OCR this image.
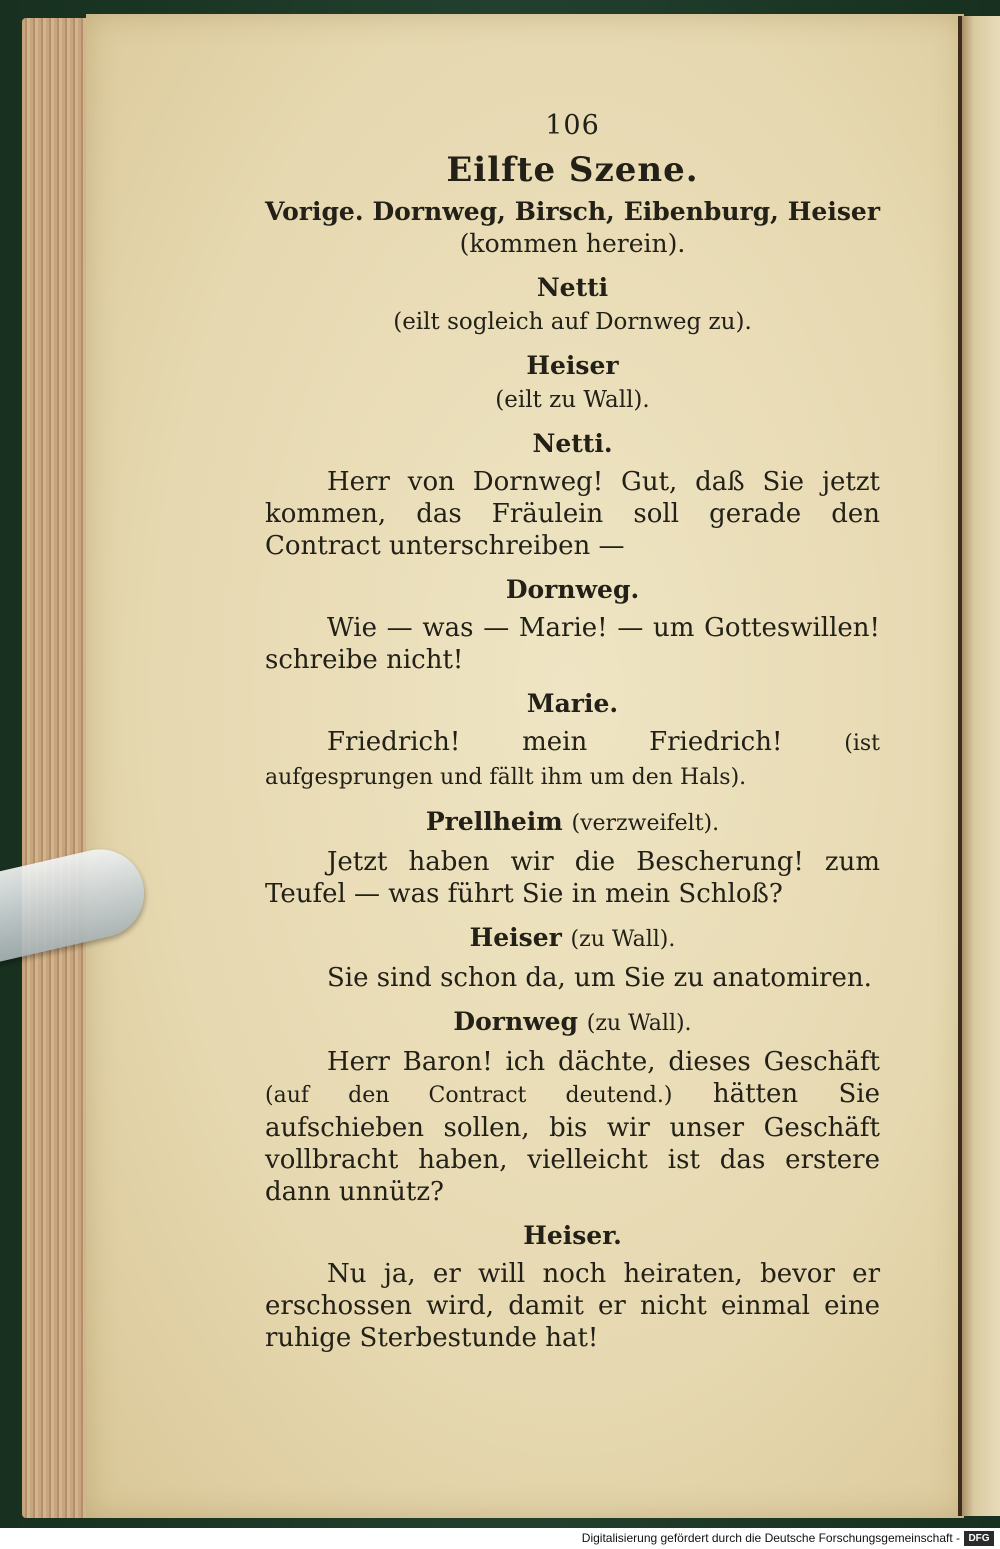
106
Eilfte Szene.
Vorige. Dornweg, Birsch, Eibenburg, Heiser (kommen herein).
Netti
(eilt sogleich auf Dornweg zu).
Heiser
(eilt zu Wall).
Netti.
Herr von Dornweg! Gut, daß Sie jetzt kommen, das Fräulein soll gerade den Contract unterschreiben —
Dornweg.
Wie — was — Marie! — um Gotteswillen! schreibe nicht!
Marie.
Friedrich! mein Friedrich!	(ist aufgesprungen und fällt ihm um den Hals).
Prellheim (verzweifelt).
Jetzt haben wir die Bescherung! zum Teufel — was führt Sie in mein Schloß?
Heiser (zu Wall).
Sie sind schon da, um Sie zu anatomiren.
Dornweg (zu Wall).
Herr Baron! ich dächte, dieses Geschäft (auf den Contract deutend.) hätten Sie aufschieben sollen, bis wir unser Geschäft vollbracht haben, vielleicht ist das erstere dann unnütz?
Heiser.
Nu ja, er will noch heiraten, bevor er erschossen wird, damit er nicht einmal eine ruhige Sterbestunde hat!
Digitalisierung gefördert durch die Deutsche Forschungsgemeinschaft - DFG
